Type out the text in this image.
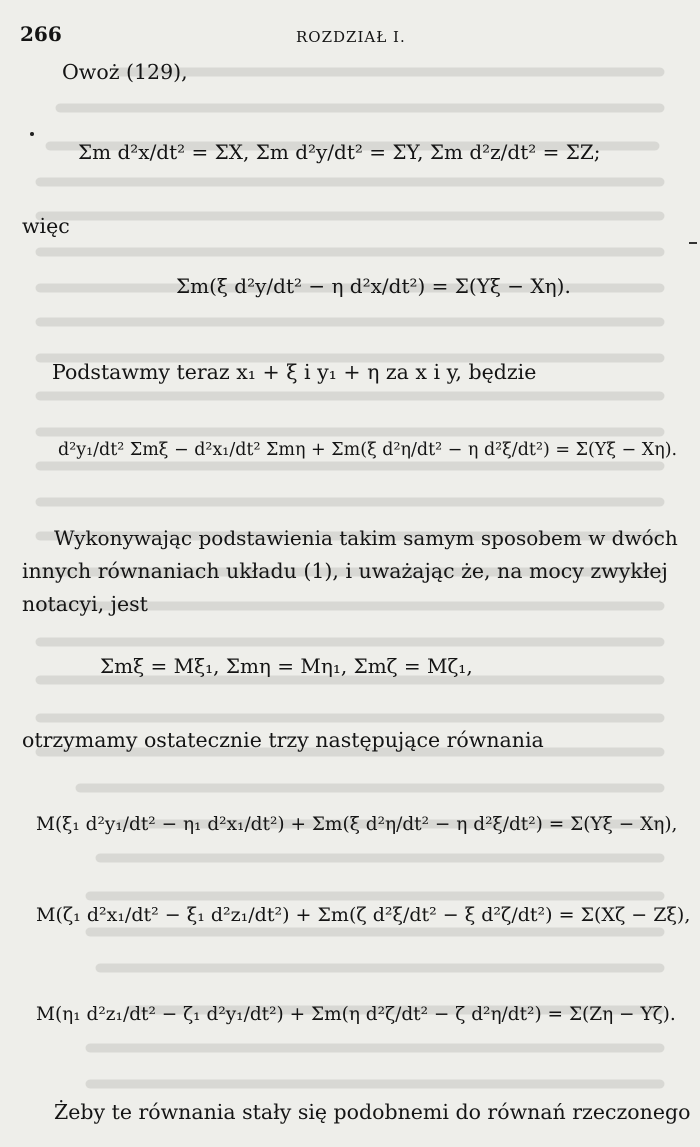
266	ROZDZIAŁ I.
Owoż (129),
Σm d²x/dt² = ΣX, Σm d²y/dt² = ΣY, Σm d²z/dt² = ΣZ;
więc
Σm(ξ d²y/dt² − η d²x/dt²) = Σ(Yξ − Xη).
Podstawmy teraz x₁ + ξ i y₁ + η za x i y, będzie
d²y₁/dt² Σmξ − d²x₁/dt² Σmη + Σm(ξ d²η/dt² − η d²ξ/dt²) = Σ(Yξ − Xη).
Wykonywając podstawienia takim samym sposobem w dwóch
innych równaniach układu (1), i uważając że, na mocy zwykłej
notacyi, jest
Σmξ = Mξ₁, Σmη = Mη₁, Σmζ = Mζ₁,
otrzymamy ostatecznie trzy następujące równania
M(ξ₁ d²y₁/dt² − η₁ d²x₁/dt²) + Σm(ξ d²η/dt² − η d²ξ/dt²) = Σ(Yξ − Xη),
M(ζ₁ d²x₁/dt² − ξ₁ d²z₁/dt²) + Σm(ζ d²ξ/dt² − ξ d²ζ/dt²) = Σ(Xζ − Zξ),
M(η₁ d²z₁/dt² − ζ₁ d²y₁/dt²) + Σm(η d²ζ/dt² − ζ d²η/dt²) = Σ(Zη − Yζ).
Żeby te równania stały się podobnemi do równań rzeczonego
